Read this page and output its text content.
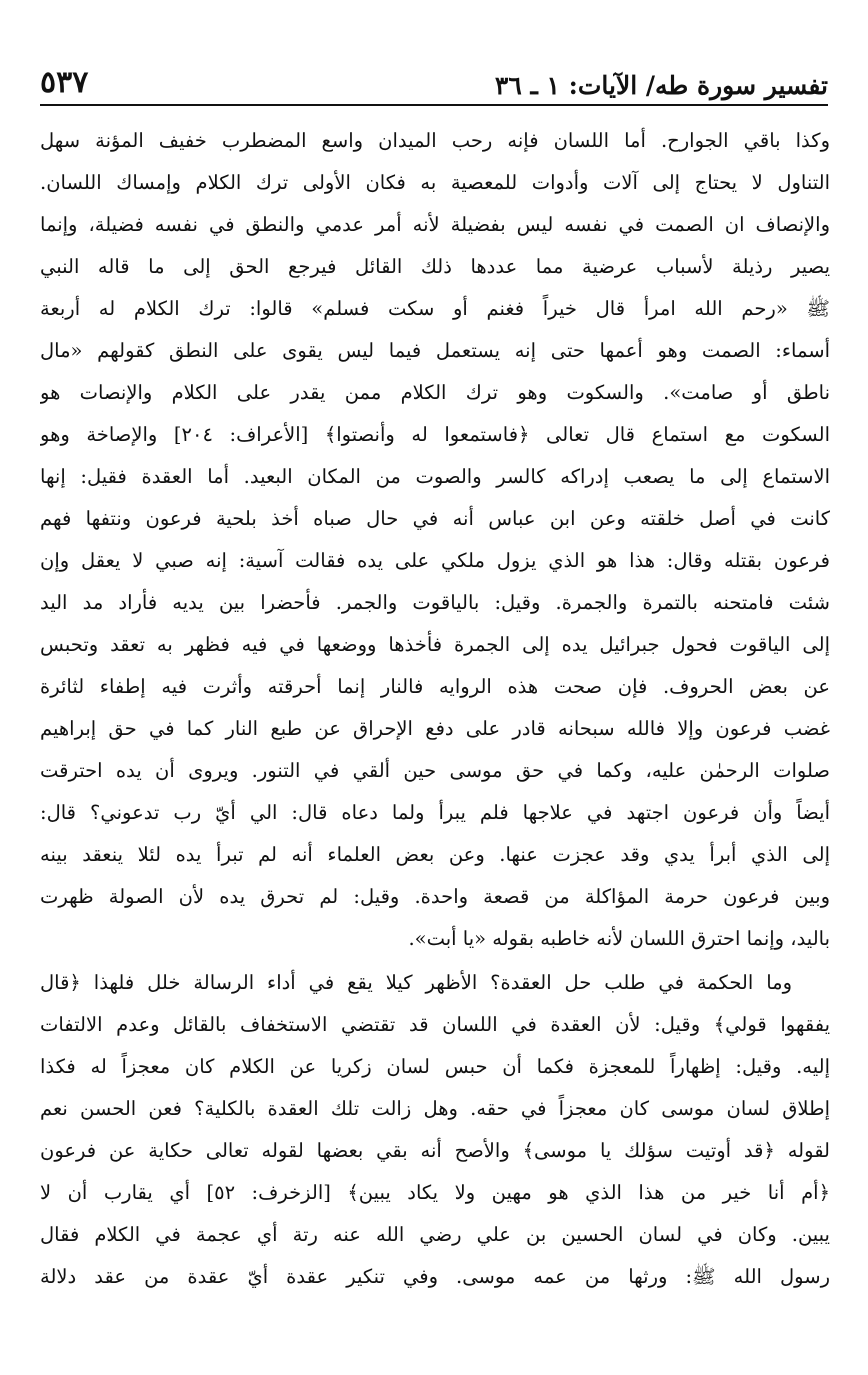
٥٣٧	تفسير سورة طه/ الآيات: ١ ـ ٣٦
وكذا باقي الجوارح. أما اللسان فإنه رحب الميدان واسع المضطرب خفيف المؤنة سهل
التناول لا يحتاج إلى آلات وأدوات للمعصية به فكان الأولى ترك الكلام وإمساك اللسان.
والإنصاف ان الصمت في نفسه ليس بفضيلة لأنه أمر عدمي والنطق في نفسه فضيلة، وإنما
يصير رذيلة لأسباب عرضية مما عددها ذلك القائل فيرجع الحق إلى ما قاله النبي
ﷺ «رحم الله امرأ قال خيراً فغنم أو سكت فسلم» قالوا: ترك الكلام له أربعة
أسماء: الصمت وهو أعمها حتى إنه يستعمل فيما ليس يقوى على النطق كقولهم «مال
ناطق أو صامت». والسكوت وهو ترك الكلام ممن يقدر على الكلام والإنصات هو
السكوت مع استماع قال تعالى ﴿فاستمعوا له وأنصتوا﴾ [الأعراف: ٢٠٤] والإصاخة وهو
الاستماع إلى ما يصعب إدراكه كالسر والصوت من المكان البعيد. أما العقدة فقيل: إنها
كانت في أصل خلقته وعن ابن عباس أنه في حال صباه أخذ بلحية فرعون ونتفها فهم
فرعون بقتله وقال: هذا هو الذي يزول ملكي على يده فقالت آسية: إنه صبي لا يعقل وإن
شئت فامتحنه بالتمرة والجمرة. وقيل: بالياقوت والجمر. فأحضرا بين يديه فأراد مد اليد
إلى الياقوت فحول جبرائيل يده إلى الجمرة فأخذها ووضعها في فيه فظهر به تعقد وتحبس
عن بعض الحروف. فإن صحت هذه الروايه فالنار إنما أحرقته وأثرت فيه إطفاء لثائرة
غضب فرعون وإلا فالله سبحانه قادر على دفع الإحراق عن طبع النار كما في حق إبراهيم
صلوات الرحمٰن عليه، وكما في حق موسى حين ألقي في التنور. ويروى أن يده احترقت
أيضاً وأن فرعون اجتهد في علاجها فلم يبرأ ولما دعاه قال: الي أيّ رب تدعوني؟ قال:
إلى الذي أبرأ يدي وقد عجزت عنها. وعن بعض العلماء أنه لم تبرأ يده لئلا ينعقد بينه
وبين فرعون حرمة المؤاكلة من قصعة واحدة. وقيل: لم تحرق يده لأن الصولة ظهرت
باليد، وإنما احترق اللسان لأنه خاطبه بقوله «يا أبت».
وما الحكمة في طلب حل العقدة؟ الأظهر كيلا يقع في أداء الرسالة خلل فلهذا ﴿قال
يفقهوا قولي﴾ وقيل: لأن العقدة في اللسان قد تقتضي الاستخفاف بالقائل وعدم الالتفات
إليه. وقيل: إظهاراً للمعجزة فكما أن حبس لسان زكريا عن الكلام كان معجزاً له فكذا
إطلاق لسان موسى كان معجزاً في حقه. وهل زالت تلك العقدة بالكلية؟ فعن الحسن نعم
لقوله ﴿قد أوتيت سؤلك يا موسى﴾ والأصح أنه بقي بعضها لقوله تعالى حكاية عن فرعون
﴿أم أنا خير من هذا الذي هو مهين ولا يكاد يبين﴾ [الزخرف: ٥٢] أي يقارب أن لا
يبين. وكان في لسان الحسين بن علي رضي الله عنه رتة أي عجمة في الكلام فقال
رسول الله ﷺ: ورثها من عمه موسى. وفي تنكير عقدة أيّ عقدة من عقد دلالة
